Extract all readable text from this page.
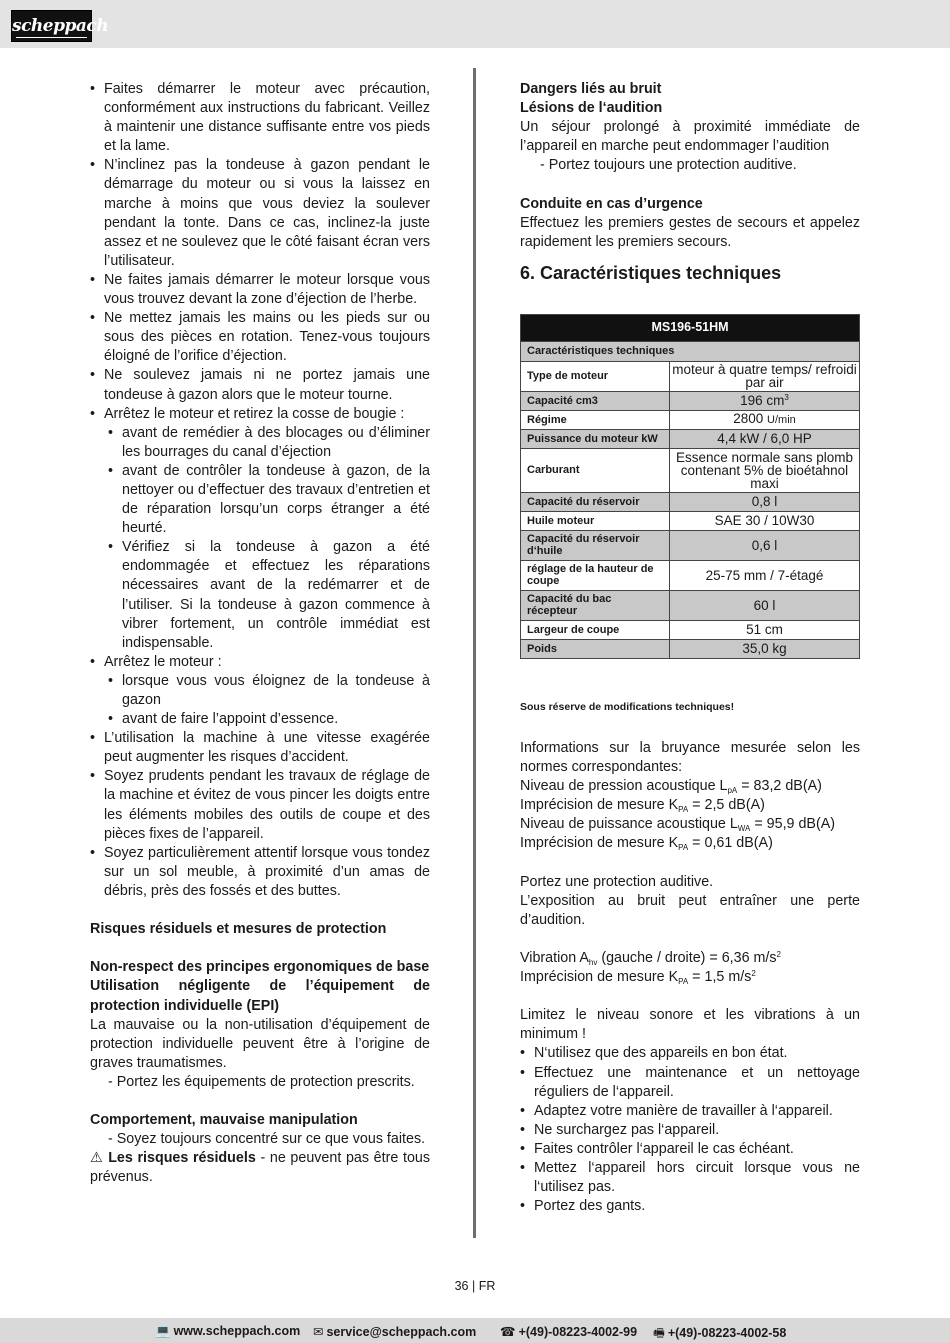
scheppach
• Faites démarrer le moteur avec précaution, conformément aux instructions du fabricant. Veillez à maintenir une distance suffisante entre vos pieds et la lame.
• N’inclinez pas la tondeuse à gazon pendant le démarrage du moteur ou si vous la laissez en marche à moins que vous deviez la soulever pendant la tonte. Dans ce cas, inclinez-la juste assez et ne soulevez que le côté faisant écran vers l’utilisateur.
• Ne faites jamais démarrer le moteur lorsque vous vous trouvez devant la zone d’éjection de l’herbe.
• Ne mettez jamais les mains ou les pieds sur ou sous des pièces en rotation. Tenez-vous toujours éloigné de l’orifice d’éjection.
• Ne soulevez jamais ni ne portez jamais une tondeuse à gazon alors que le moteur tourne.
• Arrêtez le moteur et retirez la cosse de bougie :
• avant de remédier à des blocages ou d’éliminer les bourrages du canal d’éjection
• avant de contrôler la tondeuse à gazon, de la nettoyer ou d’effectuer des travaux d’entretien et de réparation lorsqu’un corps étranger a été heurté.
• Vérifiez si la tondeuse à gazon a été endommagée et effectuez les réparations nécessaires avant de la redémarrer et de l’utiliser. Si la tondeuse à gazon commence à vibrer fortement, un contrôle immédiat est indispensable.
• Arrêtez le moteur :
• lorsque vous vous éloignez de la tondeuse à gazon
• avant de faire l’appoint d’essence.
• L’utilisation la machine à une vitesse exagérée peut augmenter les risques d’accident.
• Soyez prudents pendant les travaux de réglage de la machine et évitez de vous pincer les doigts entre les éléments mobiles des outils de coupe et des pièces fixes de l’appareil.
• Soyez particulièrement attentif lorsque vous tondez sur un sol meuble, à proximité d’un amas de débris, près des fossés et des buttes.
Risques résiduels et mesures de protection
Non-respect des principes ergonomiques de base
Utilisation négligente de l’équipement de protection individuelle (EPI)
La mauvaise ou la non-utilisation d’équipement de protection individuelle peuvent être à l’origine de graves traumatismes.
- Portez les équipements de protection prescrits.
Comportement, mauvaise manipulation
- Soyez toujours concentré sur ce que vous faites.
⚠ Les risques résiduels - ne peuvent pas être tous prévenus.
Dangers liés au bruit
Lésions de l‘audition
Un séjour prolongé à proximité immédiate de l’appareil en marche peut endommager l’audition
- Portez toujours une protection auditive.
Conduite en cas d’urgence
Effectuez les premiers gestes de secours et appelez rapidement les premiers secours.
6. Caractéristiques techniques
MS196-51HM	
Caractéristiques techniques	
Type de moteur	moteur à quatre temps/ refroidi par air
Capacité cm3	196 $cm^3$
Régime	2800 U/min
Puissance du moteur kW	4,4 kW / 6,0 HP
Carburant	Essence normale sans plomb contenant 5% de bioétahnol maxi
Capacité du réservoir	0,8 l
Huile moteur	SAE 30 / 10W30
Capacité du réservoir d‘huile	0,6 l
réglage de la hauteur de coupe	25-75 mm / 7-étagé
Capacité du bac récepteur	60 l
Largeur de coupe	51 cm
Poids	35,0 kg
Sous réserve de modifications techniques!
Informations sur la bruyance mesurée selon les normes correspondantes:
Niveau de pression acoustique $L_{pA} = 83,2$ dB(A)
Imprécision de mesure $K_{PA} = 2,5$ dB(A)
Niveau de puissance acoustique $L_{WA} = 95,9$ dB(A)
Imprécision de mesure $K_{PA} = 0,61$ dB(A)
Portez une protection auditive.
L’exposition au bruit peut entraîner une perte d’audition.
Vibration $A_{hv}$ (gauche / droite) = 6,36 $m/s^2$
Imprécision de mesure $K_{PA} = 1,5$ $m/s^2$
Limitez le niveau sonore et les vibrations à un minimum !
• N‘utilisez que des appareils en bon état.
• Effectuez une maintenance et un nettoyage réguliers de l‘appareil.
• Adaptez votre manière de travailler à l‘appareil.
• Ne surchargez pas l‘appareil.
• Faites contrôler l‘appareil le cas échéant.
• Mettez l‘appareil hors circuit lorsque vous ne l‘utilisez pas.
• Portez des gants.
36 | FR
💻 www.scheppach.com ✉ service@scheppach.com ☎ +(49)-08223-4002-99 🖷 +(49)-08223-4002-58
